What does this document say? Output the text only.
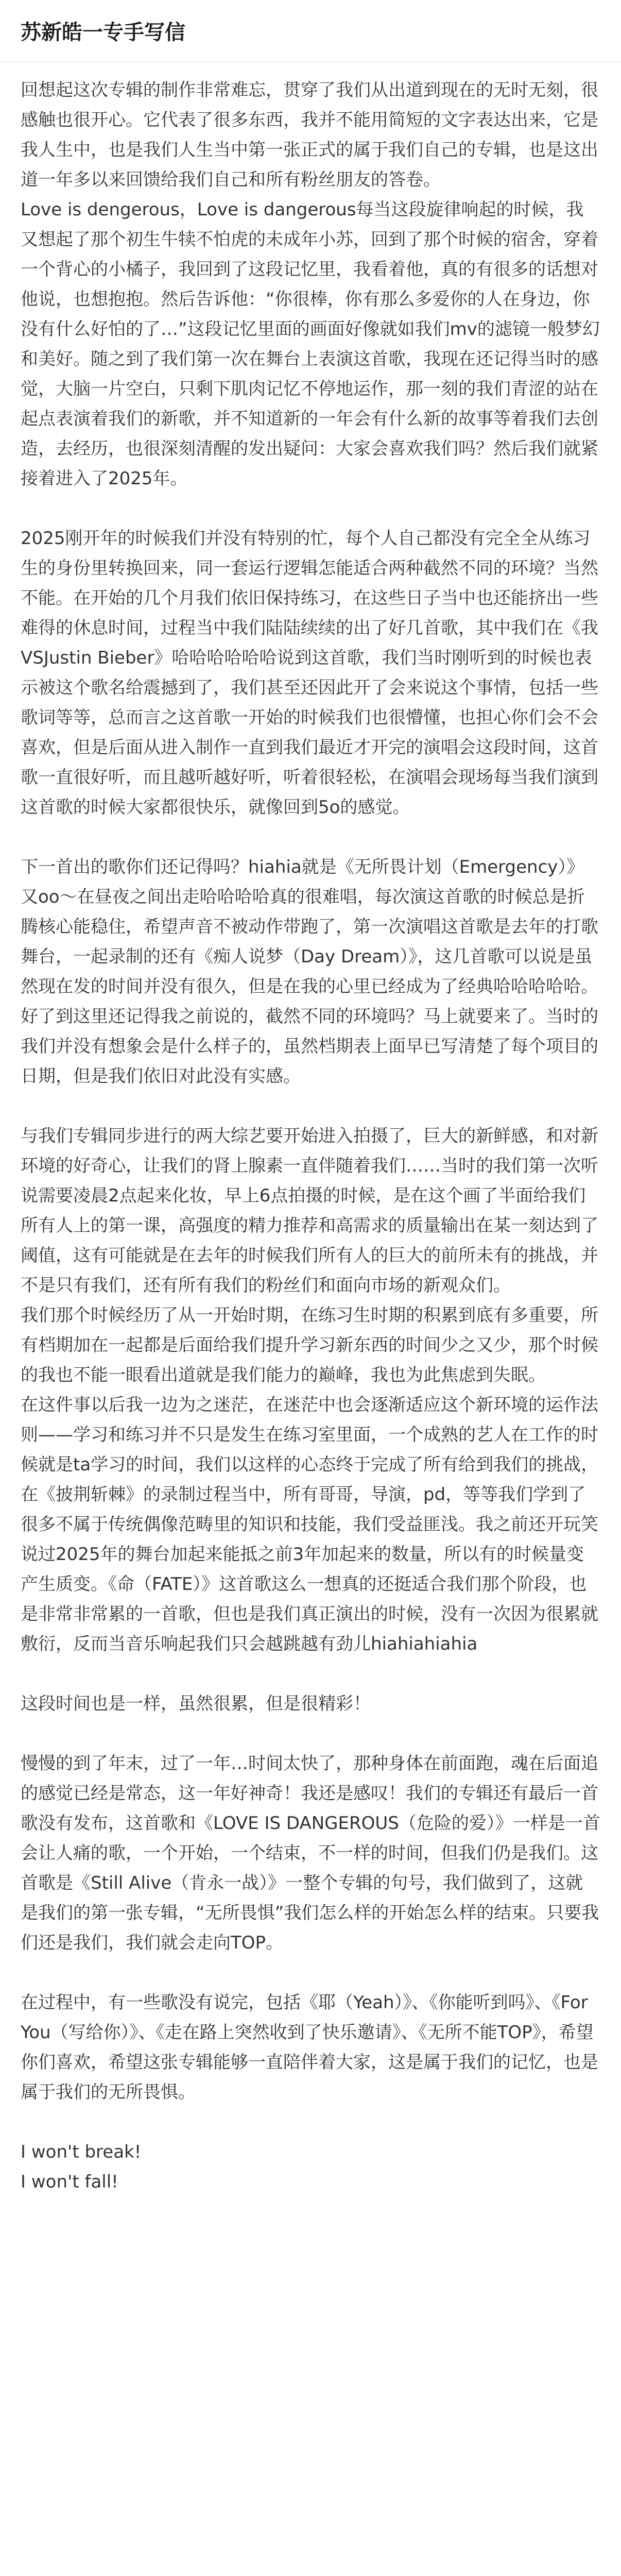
苏新皓一专手写信

回想起这次专辑的制作非常难忘，贯穿了我们从出道到现在的无时无刻，很感触也很开心。它代表了很多东西，我并不能用简短的文字表达出来，它是我人生中，也是我们人生当中第一张正式的属于我们自己的专辑，也是这出道一年多以来回馈给我们自己和所有粉丝朋友的答卷。
Love is dengerous，Love is dangerous每当这段旋律响起的时候，我又想起了那个初生牛犊不怕虎的未成年小苏，回到了那个时候的宿舍，穿着一个背心的小橘子，我回到了这段记忆里，我看着他，真的有很多的话想对他说，也想抱抱。然后告诉他：“你很棒，你有那么多爱你的人在身边，你没有什么好怕的了…”这段记忆里面的画面好像就如我们mv的滤镜一般梦幻和美好。随之到了我们第一次在舞台上表演这首歌，我现在还记得当时的感觉，大脑一片空白，只剩下肌肉记忆不停地运作，那一刻的我们青涩的站在起点表演着我们的新歌，并不知道新的一年会有什么新的故事等着我们去创造，去经历，也很深刻清醒的发出疑问：大家会喜欢我们吗？然后我们就紧接着进入了2025年。

2025刚开年的时候我们并没有特别的忙，每个人自己都没有完全全从练习生的身份里转换回来，同一套运行逻辑怎能适合两种截然不同的环境？当然不能。在开始的几个月我们依旧保持练习，在这些日子当中也还能挤出一些难得的休息时间，过程当中我们陆陆续续的出了好几首歌，其中我们在《我VSJustin Bieber》哈哈哈哈哈哈说到这首歌，我们当时刚听到的时候也表示被这个歌名给震撼到了，我们甚至还因此开了会来说这个事情，包括一些歌词等等，总而言之这首歌一开始的时候我们也很懵懂，也担心你们会不会喜欢，但是后面从进入制作一直到我们最近才开完的演唱会这段时间，这首歌一直很好听，而且越听越好听，听着很轻松，在演唱会现场每当我们演到这首歌的时候大家都很快乐，就像回到5o的感觉。

下一首出的歌你们还记得吗？hiahia就是《无所畏计划（Emergency）》又oo～在昼夜之间出走哈哈哈哈真的很难唱，每次演这首歌的时候总是折腾核心能稳住，希望声音不被动作带跑了，第一次演唱这首歌是去年的打歌舞台，一起录制的还有《痴人说梦（Day Dream）》，这几首歌可以说是虽然现在发的时间并没有很久，但是在我的心里已经成为了经典哈哈哈哈哈。好了到这里还记得我之前说的，截然不同的环境吗？马上就要来了。当时的我们并没有想象会是什么样子的，虽然档期表上面早已写清楚了每个项目的日期，但是我们依旧对此没有实感。

与我们专辑同步进行的两大综艺要开始进入拍摄了，巨大的新鲜感，和对新环境的好奇心，让我们的肾上腺素一直伴随着我们……当时的我们第一次听说需要凌晨2点起来化妆，早上6点拍摄的时候，是在这个画了半面给我们所有人上的第一课，高强度的精力推荐和高需求的质量输出在某一刻达到了阈值，这有可能就是在去年的时候我们所有人的巨大的前所未有的挑战，并不是只有我们，还有所有我们的粉丝们和面向市场的新观众们。
我们那个时候经历了从一开始时期，在练习生时期的积累到底有多重要，所有档期加在一起都是后面给我们提升学习新东西的时间少之又少，那个时候的我也不能一眼看出道就是我们能力的巅峰，我也为此焦虑到失眠。
在这件事以后我一边为之迷茫，在迷茫中也会逐渐适应这个新环境的运作法则——学习和练习并不只是发生在练习室里面，一个成熟的艺人在工作的时候就是ta学习的时间，我们以这样的心态终于完成了所有给到我们的挑战，在《披荆斩棘》的录制过程当中，所有哥哥，导演，pd，等等我们学到了很多不属于传统偶像范畴里的知识和技能，我们受益匪浅。我之前还开玩笑说过2025年的舞台加起来能抵之前3年加起来的数量，所以有的时候量变产生质变。《命（FATE）》这首歌这么一想真的还挺适合我们那个阶段，也是非常非常累的一首歌，但也是我们真正演出的时候，没有一次因为很累就敷衍，反而当音乐响起我们只会越跳越有劲儿hiahiahiahia

这段时间也是一样，虽然很累，但是很精彩！

慢慢的到了年末，过了一年…时间太快了，那种身体在前面跑，魂在后面追的感觉已经是常态，这一年好神奇！我还是感叹！我们的专辑还有最后一首歌没有发布，这首歌和《LOVE IS DANGEROUS（危险的爱）》一样是一首会让人痛的歌，一个开始，一个结束，不一样的时间，但我们仍是我们。这首歌是《Still Alive（肯永一战）》一整个专辑的句号，我们做到了，这就是我们的第一张专辑，“无所畏惧”我们怎么样的开始怎么样的结束。只要我们还是我们，我们就会走向TOP。

在过程中，有一些歌没有说完，包括《耶（Yeah）》、《你能听到吗》、《For You（写给你）》、《走在路上突然收到了快乐邀请》、《无所不能TOP》，希望你们喜欢，希望这张专辑能够一直陪伴着大家，这是属于我们的记忆，也是属于我们的无所畏惧。

I won't break!
I won't fall!
